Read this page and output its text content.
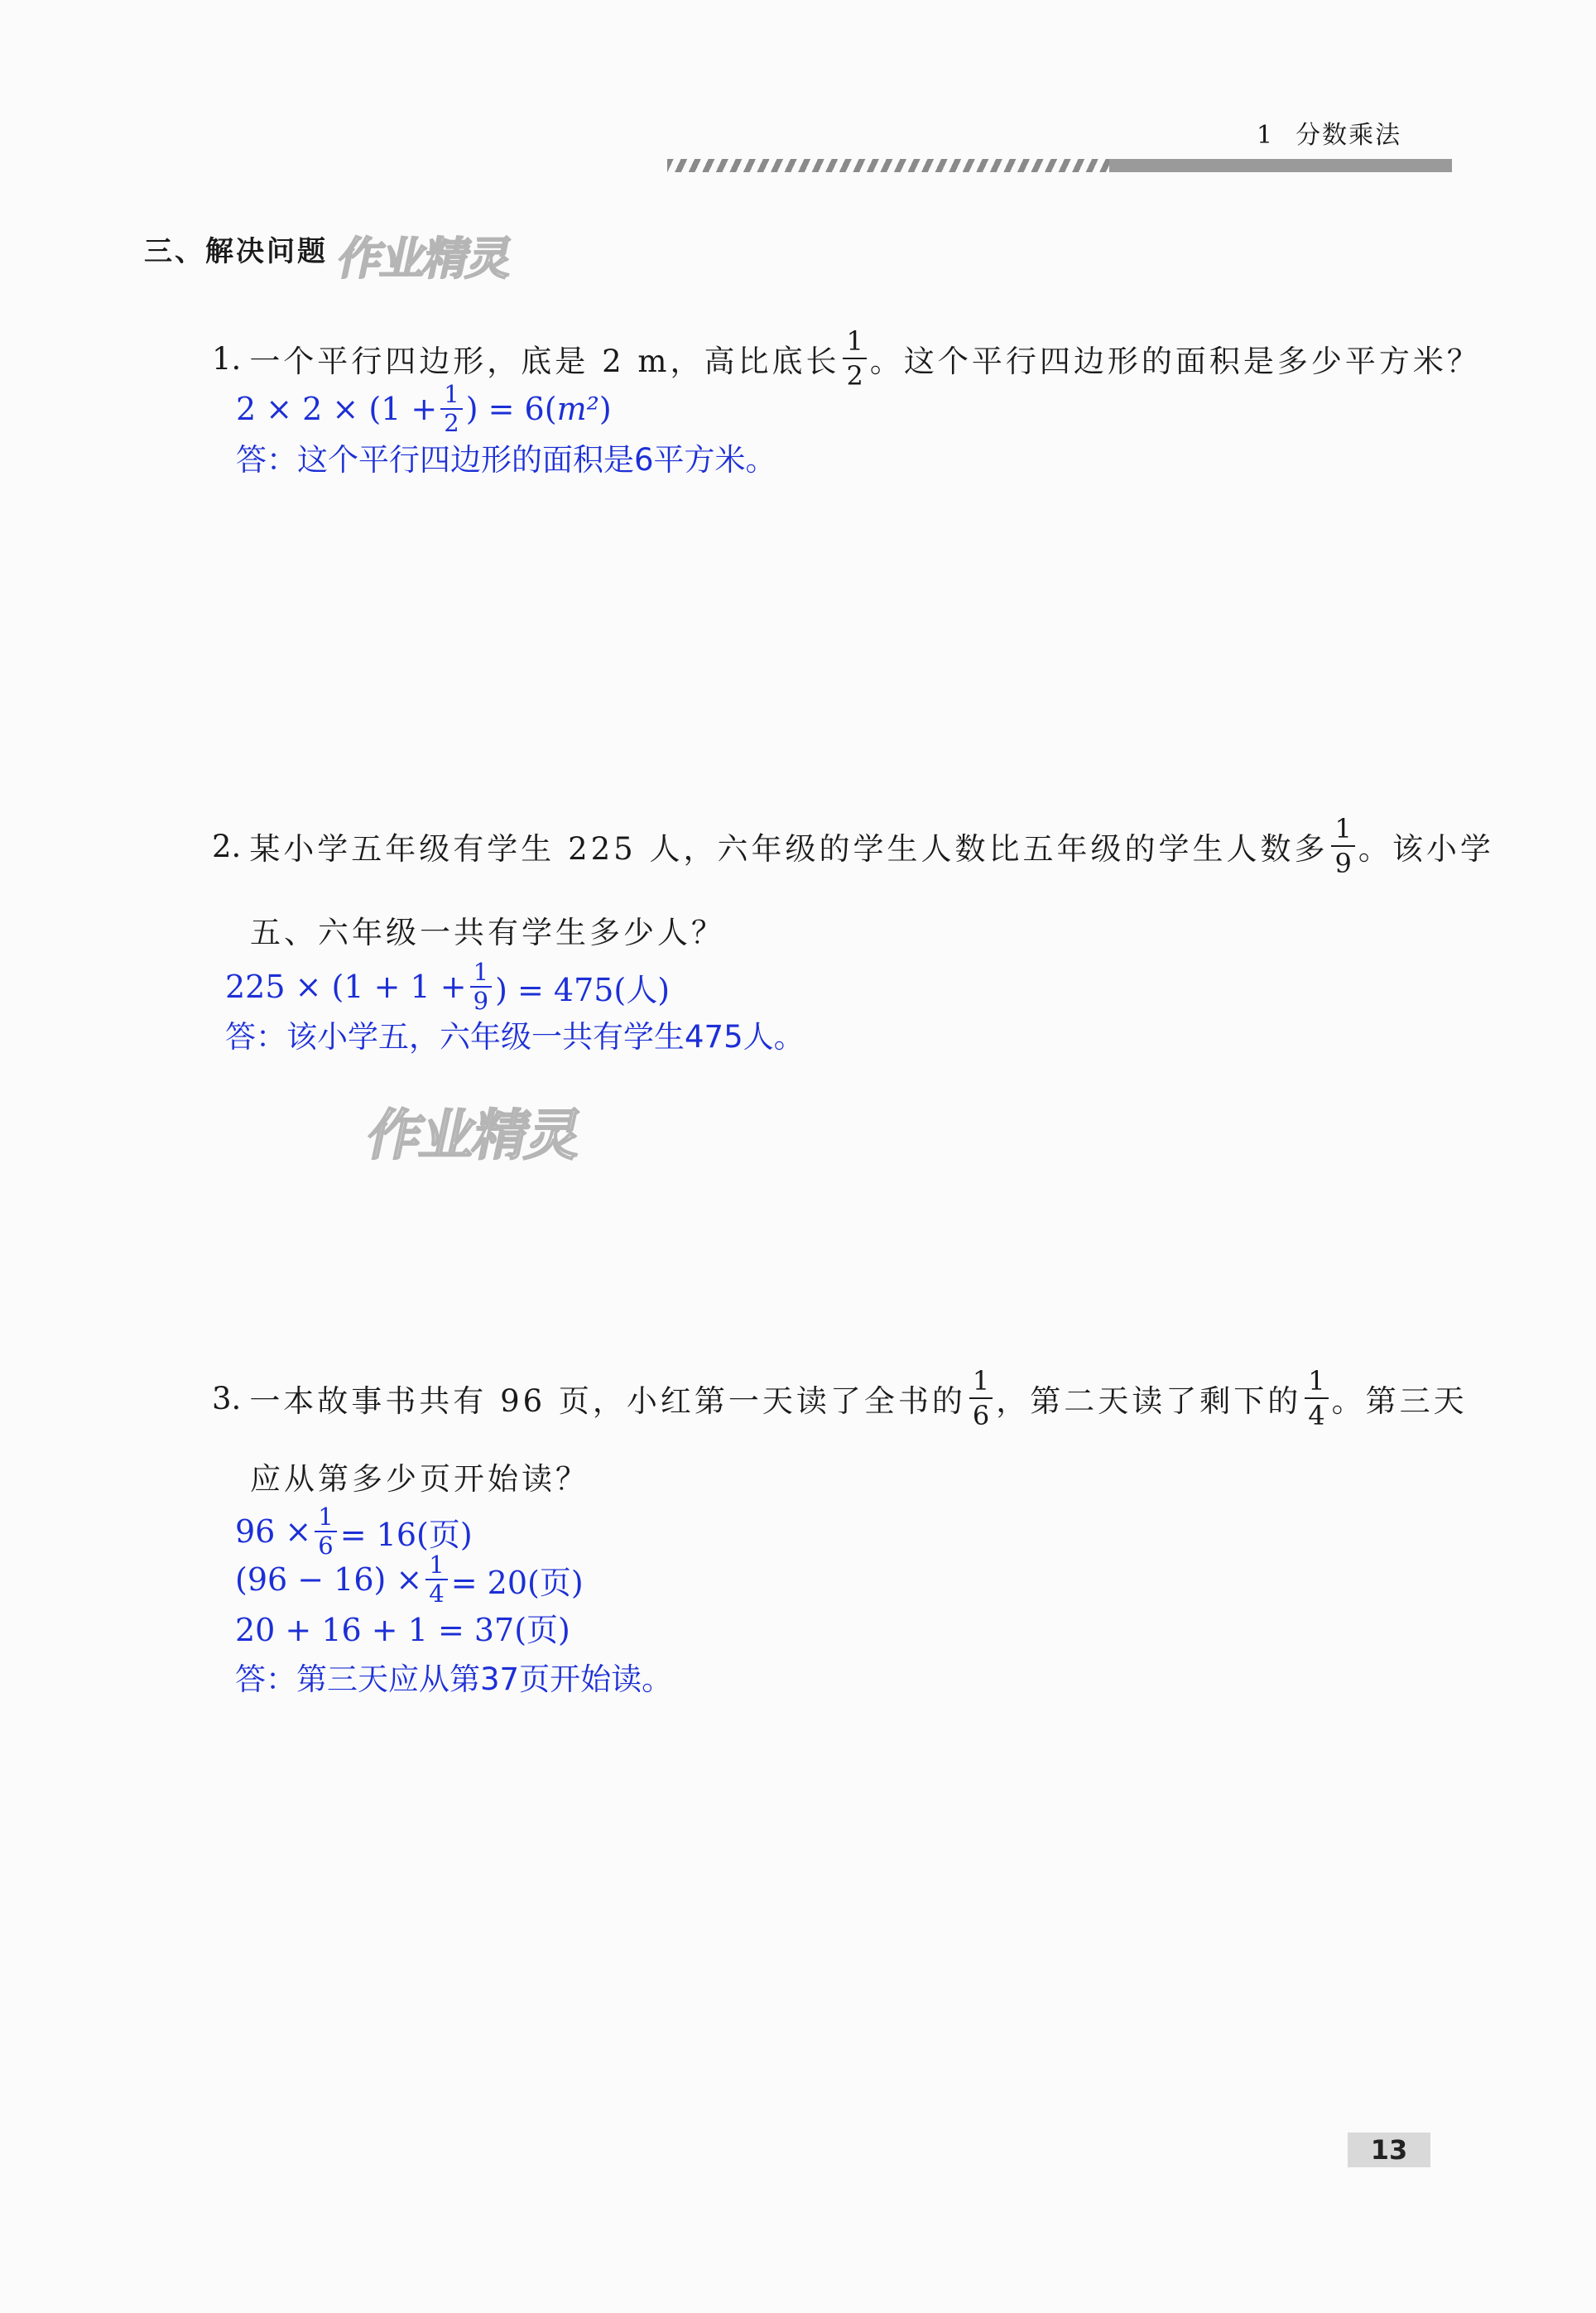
1 分数乘法
三、解决问题 作业精灵
作业精灵
1. 一个平行四边形，底是 2 m，高比底长 $\frac{1}{2}$ 。这个平行四边形的面积是多少平方米？
$2 \times 2 \times (1 + \frac{1}{2}$ ) = 6( m² )
答：这个平行四边形的面积是6平方米。
2. 某小学五年级有学生 225 人，六年级的学生人数比五年级的学生人数多 $\frac{1}{9}$ 。该小学
五、六年级一共有学生多少人？
$225 \times (1 + 1 + \frac{1}{9}$ ) = 475(人)
答：该小学五，六年级一共有学生475人。
3. 一本故事书共有 96 页，小红第一天读了全书的 $\frac{1}{6}$ ，第二天读了剩下的 $\frac{1}{4}$ 。第三天
应从第多少页开始读？
$96 \times \frac{1}{6} = 16$(页)
$(96 - 16) \times \frac{1}{4} = 20$(页)
20 + 16 + 1 = 37(页)
答：第三天应从第37页开始读。
13
